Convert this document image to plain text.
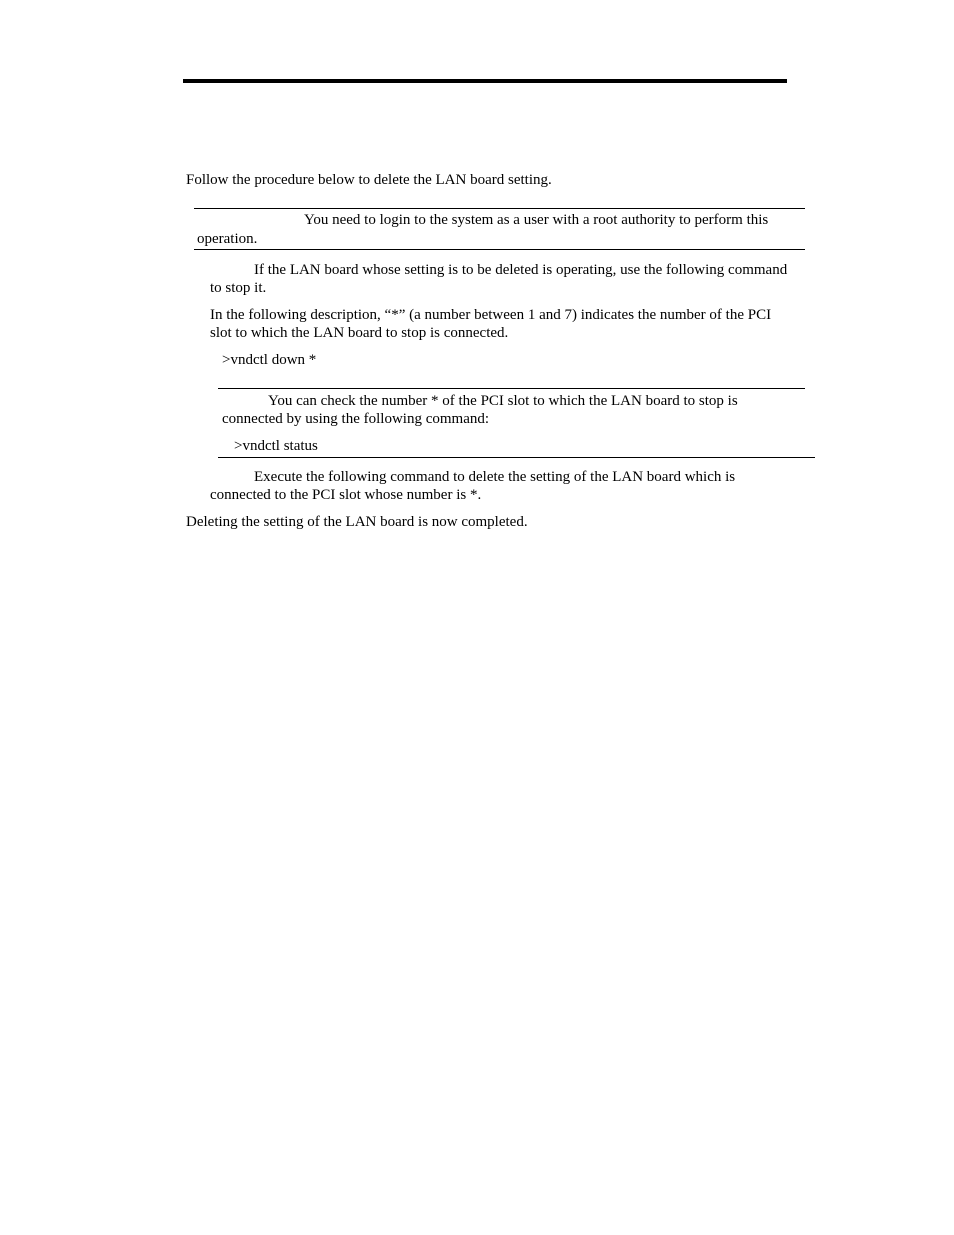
Follow the procedure below to delete the LAN board setting.
You need to login to the system as a user with a root authority to perform this
operation.
If the LAN board whose setting is to be deleted is operating, use the following command
to stop it.
In the following description, “*” (a number between 1 and 7) indicates the number of the PCI
slot to which the LAN board to stop is connected.
>vndctl down *
You can check the number * of the PCI slot to which the LAN board to stop is
connected by using the following command:
>vndctl status
Execute the following command to delete the setting of the LAN board which is
connected to the PCI slot whose number is *.
Deleting the setting of the LAN board is now completed.
